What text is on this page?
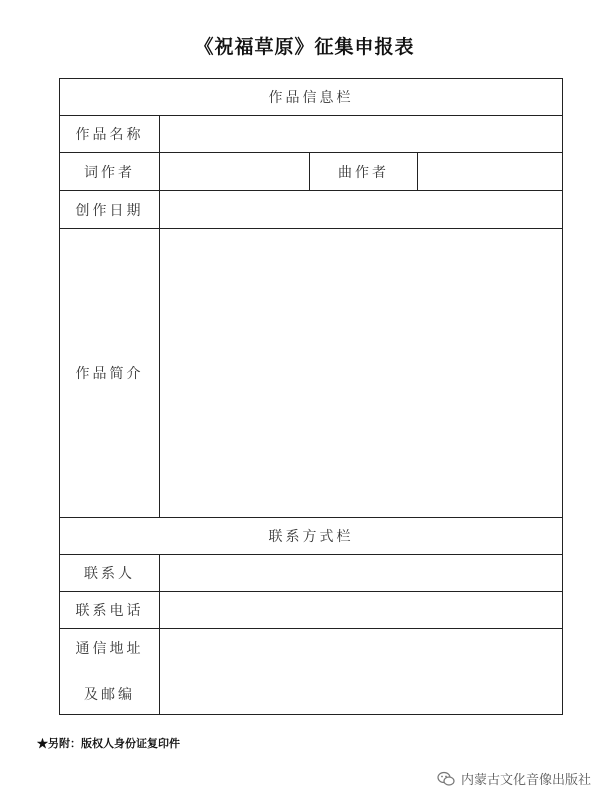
《祝福草原》征集申报表
作品信息栏			
作品名称			
词作者		曲作者	
创作日期			
作品简介			
联系方式栏			
联系人			
联系电话			

通信地址
及邮编			

★另附：版权人身份证复印件
内蒙古文化音像出版社
